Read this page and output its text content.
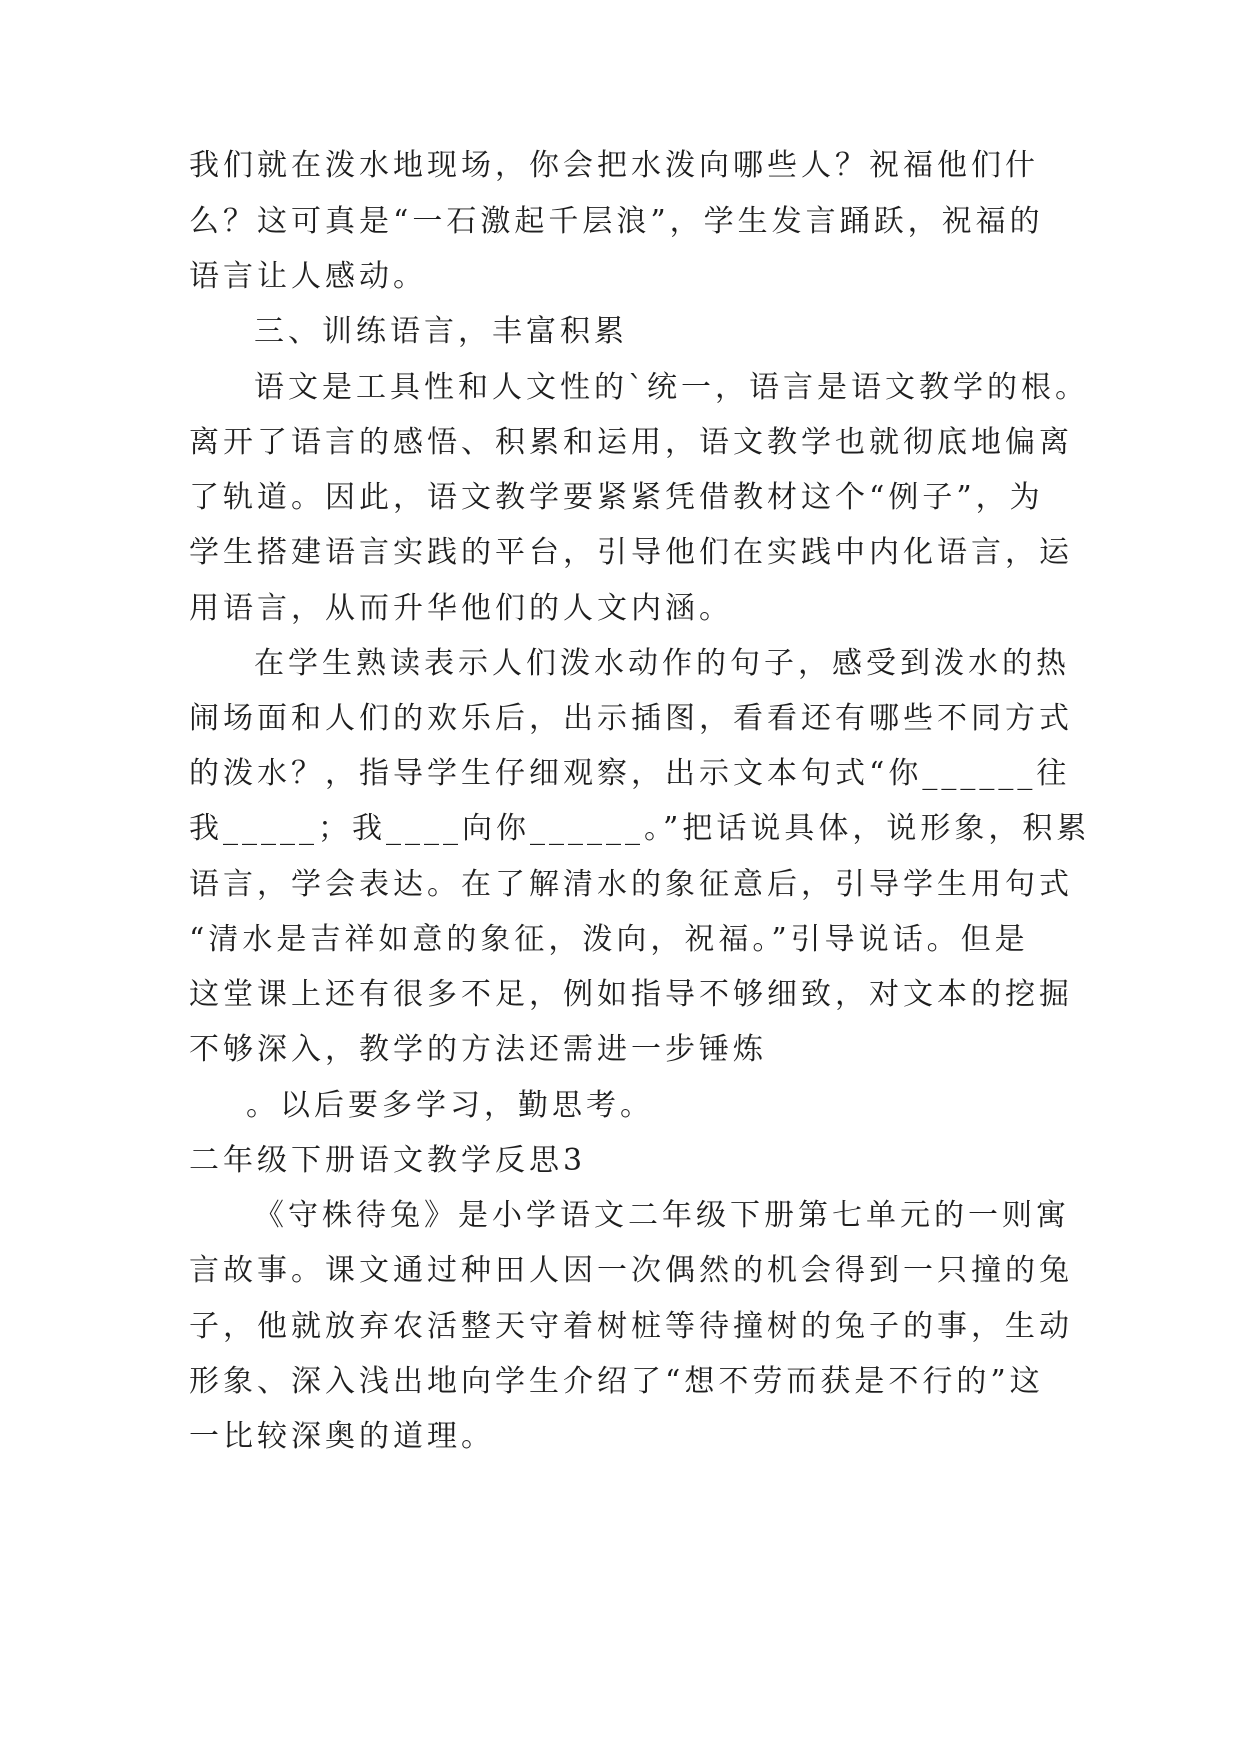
我们就在泼水地现场，你会把水泼向哪些人？祝福他们什
么？这可真是“一石激起千层浪”，学生发言踊跃，祝福的
语言让人感动。
三、训练语言，丰富积累
语文是工具性和人文性的`统一，语言是语文教学的根。
离开了语言的感悟、积累和运用，语文教学也就彻底地偏离
了轨道。因此，语文教学要紧紧凭借教材这个“例子”，为
学生搭建语言实践的平台，引导他们在实践中内化语言，运
用语言，从而升华他们的人文内涵。
在学生熟读表示人们泼水动作的句子，感受到泼水的热
闹场面和人们的欢乐后，出示插图，看看还有哪些不同方式
的泼水？，指导学生仔细观察，出示文本句式“你______往
我_____；我____向你______。”把话说具体，说形象，积累
语言，学会表达。在了解清水的象征意后，引导学生用句式
“清水是吉祥如意的象征，泼向，祝福。”引导说话。但是
这堂课上还有很多不足，例如指导不够细致，对文本的挖掘
不够深入，教学的方法还需进一步锤炼
。以后要多学习，勤思考。
二年级下册语文教学反思3
《守株待兔》是小学语文二年级下册第七单元的一则寓
言故事。课文通过种田人因一次偶然的机会得到一只撞的兔
子，他就放弃农活整天守着树桩等待撞树的兔子的事，生动
形象、深入浅出地向学生介绍了“想不劳而获是不行的”这
一比较深奥的道理。
